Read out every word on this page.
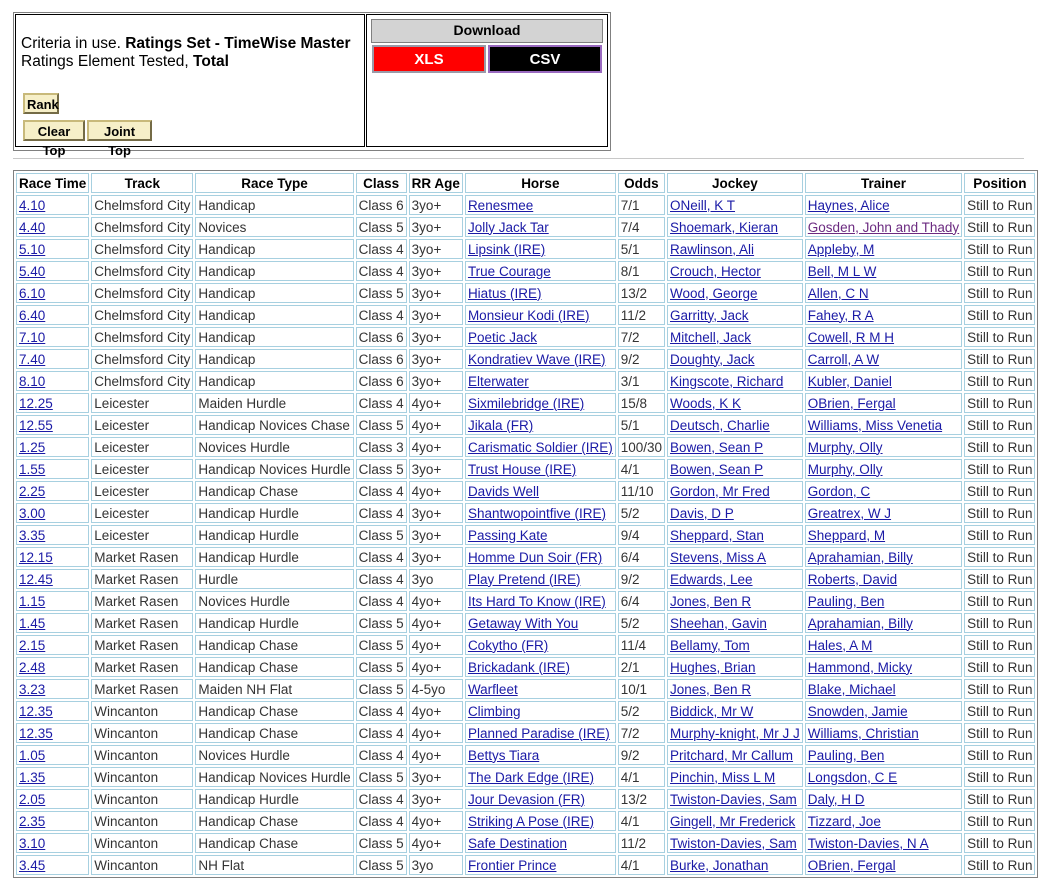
Criteria in use. Ratings Set - TimeWise Master
Ratings Element Tested, Total
Rank
Clear Top
Joint Top
Download
XLS	CSV
Race Time	Track	Race Type	Class	RR Age	Horse	Odds	Jockey	Trainer	Position
4.10	Chelmsford City	Handicap	Class 6	3yo+	Renesmee	7/1	ONeill, K T	Haynes, Alice	Still to Run
4.40	Chelmsford City	Novices	Class 5	3yo+	Jolly Jack Tar	7/4	Shoemark, Kieran	Gosden, John and Thady	Still to Run
5.10	Chelmsford City	Handicap	Class 4	3yo+	Lipsink (IRE)	5/1	Rawlinson, Ali	Appleby, M	Still to Run
5.40	Chelmsford City	Handicap	Class 4	3yo+	True Courage	8/1	Crouch, Hector	Bell, M L W	Still to Run
6.10	Chelmsford City	Handicap	Class 5	3yo+	Hiatus (IRE)	13/2	Wood, George	Allen, C N	Still to Run
6.40	Chelmsford City	Handicap	Class 4	3yo+	Monsieur Kodi (IRE)	11/2	Garritty, Jack	Fahey, R A	Still to Run
7.10	Chelmsford City	Handicap	Class 6	3yo+	Poetic Jack	7/2	Mitchell, Jack	Cowell, R M H	Still to Run
7.40	Chelmsford City	Handicap	Class 6	3yo+	Kondratiev Wave (IRE)	9/2	Doughty, Jack	Carroll, A W	Still to Run
8.10	Chelmsford City	Handicap	Class 6	3yo+	Elterwater	3/1	Kingscote, Richard	Kubler, Daniel	Still to Run
12.25	Leicester	Maiden Hurdle	Class 4	4yo+	Sixmilebridge (IRE)	15/8	Woods, K K	OBrien, Fergal	Still to Run
12.55	Leicester	Handicap Novices Chase	Class 5	4yo+	Jikala (FR)	5/1	Deutsch, Charlie	Williams, Miss Venetia	Still to Run
1.25	Leicester	Novices Hurdle	Class 3	4yo+	Carismatic Soldier (IRE)	100/30	Bowen, Sean P	Murphy, Olly	Still to Run
1.55	Leicester	Handicap Novices Hurdle	Class 5	3yo+	Trust House (IRE)	4/1	Bowen, Sean P	Murphy, Olly	Still to Run
2.25	Leicester	Handicap Chase	Class 4	4yo+	Davids Well	11/10	Gordon, Mr Fred	Gordon, C	Still to Run
3.00	Leicester	Handicap Hurdle	Class 4	3yo+	Shantwopointfive (IRE)	5/2	Davis, D P	Greatrex, W J	Still to Run
3.35	Leicester	Handicap Hurdle	Class 5	3yo+	Passing Kate	9/4	Sheppard, Stan	Sheppard, M	Still to Run
12.15	Market Rasen	Handicap Hurdle	Class 4	3yo+	Homme Dun Soir (FR)	6/4	Stevens, Miss A	Aprahamian, Billy	Still to Run
12.45	Market Rasen	Hurdle	Class 4	3yo	Play Pretend (IRE)	9/2	Edwards, Lee	Roberts, David	Still to Run
1.15	Market Rasen	Novices Hurdle	Class 4	4yo+	Its Hard To Know (IRE)	6/4	Jones, Ben R	Pauling, Ben	Still to Run
1.45	Market Rasen	Handicap Hurdle	Class 5	4yo+	Getaway With You	5/2	Sheehan, Gavin	Aprahamian, Billy	Still to Run
2.15	Market Rasen	Handicap Chase	Class 5	4yo+	Cokytho (FR)	11/4	Bellamy, Tom	Hales, A M	Still to Run
2.48	Market Rasen	Handicap Chase	Class 5	4yo+	Brickadank (IRE)	2/1	Hughes, Brian	Hammond, Micky	Still to Run
3.23	Market Rasen	Maiden NH Flat	Class 5	4-5yo	Warfleet	10/1	Jones, Ben R	Blake, Michael	Still to Run
12.35	Wincanton	Handicap Chase	Class 4	4yo+	Climbing	5/2	Biddick, Mr W	Snowden, Jamie	Still to Run
12.35	Wincanton	Handicap Chase	Class 4	4yo+	Planned Paradise (IRE)	7/2	Murphy-knight, Mr J J	Williams, Christian	Still to Run
1.05	Wincanton	Novices Hurdle	Class 4	4yo+	Bettys Tiara	9/2	Pritchard, Mr Callum	Pauling, Ben	Still to Run
1.35	Wincanton	Handicap Novices Hurdle	Class 5	3yo+	The Dark Edge (IRE)	4/1	Pinchin, Miss L M	Longsdon, C E	Still to Run
2.05	Wincanton	Handicap Hurdle	Class 4	3yo+	Jour Devasion (FR)	13/2	Twiston-Davies, Sam	Daly, H D	Still to Run
2.35	Wincanton	Handicap Chase	Class 4	4yo+	Striking A Pose (IRE)	4/1	Gingell, Mr Frederick	Tizzard, Joe	Still to Run
3.10	Wincanton	Handicap Chase	Class 5	4yo+	Safe Destination	11/2	Twiston-Davies, Sam	Twiston-Davies, N A	Still to Run
3.45	Wincanton	NH Flat	Class 5	3yo	Frontier Prince	4/1	Burke, Jonathan	OBrien, Fergal	Still to Run
